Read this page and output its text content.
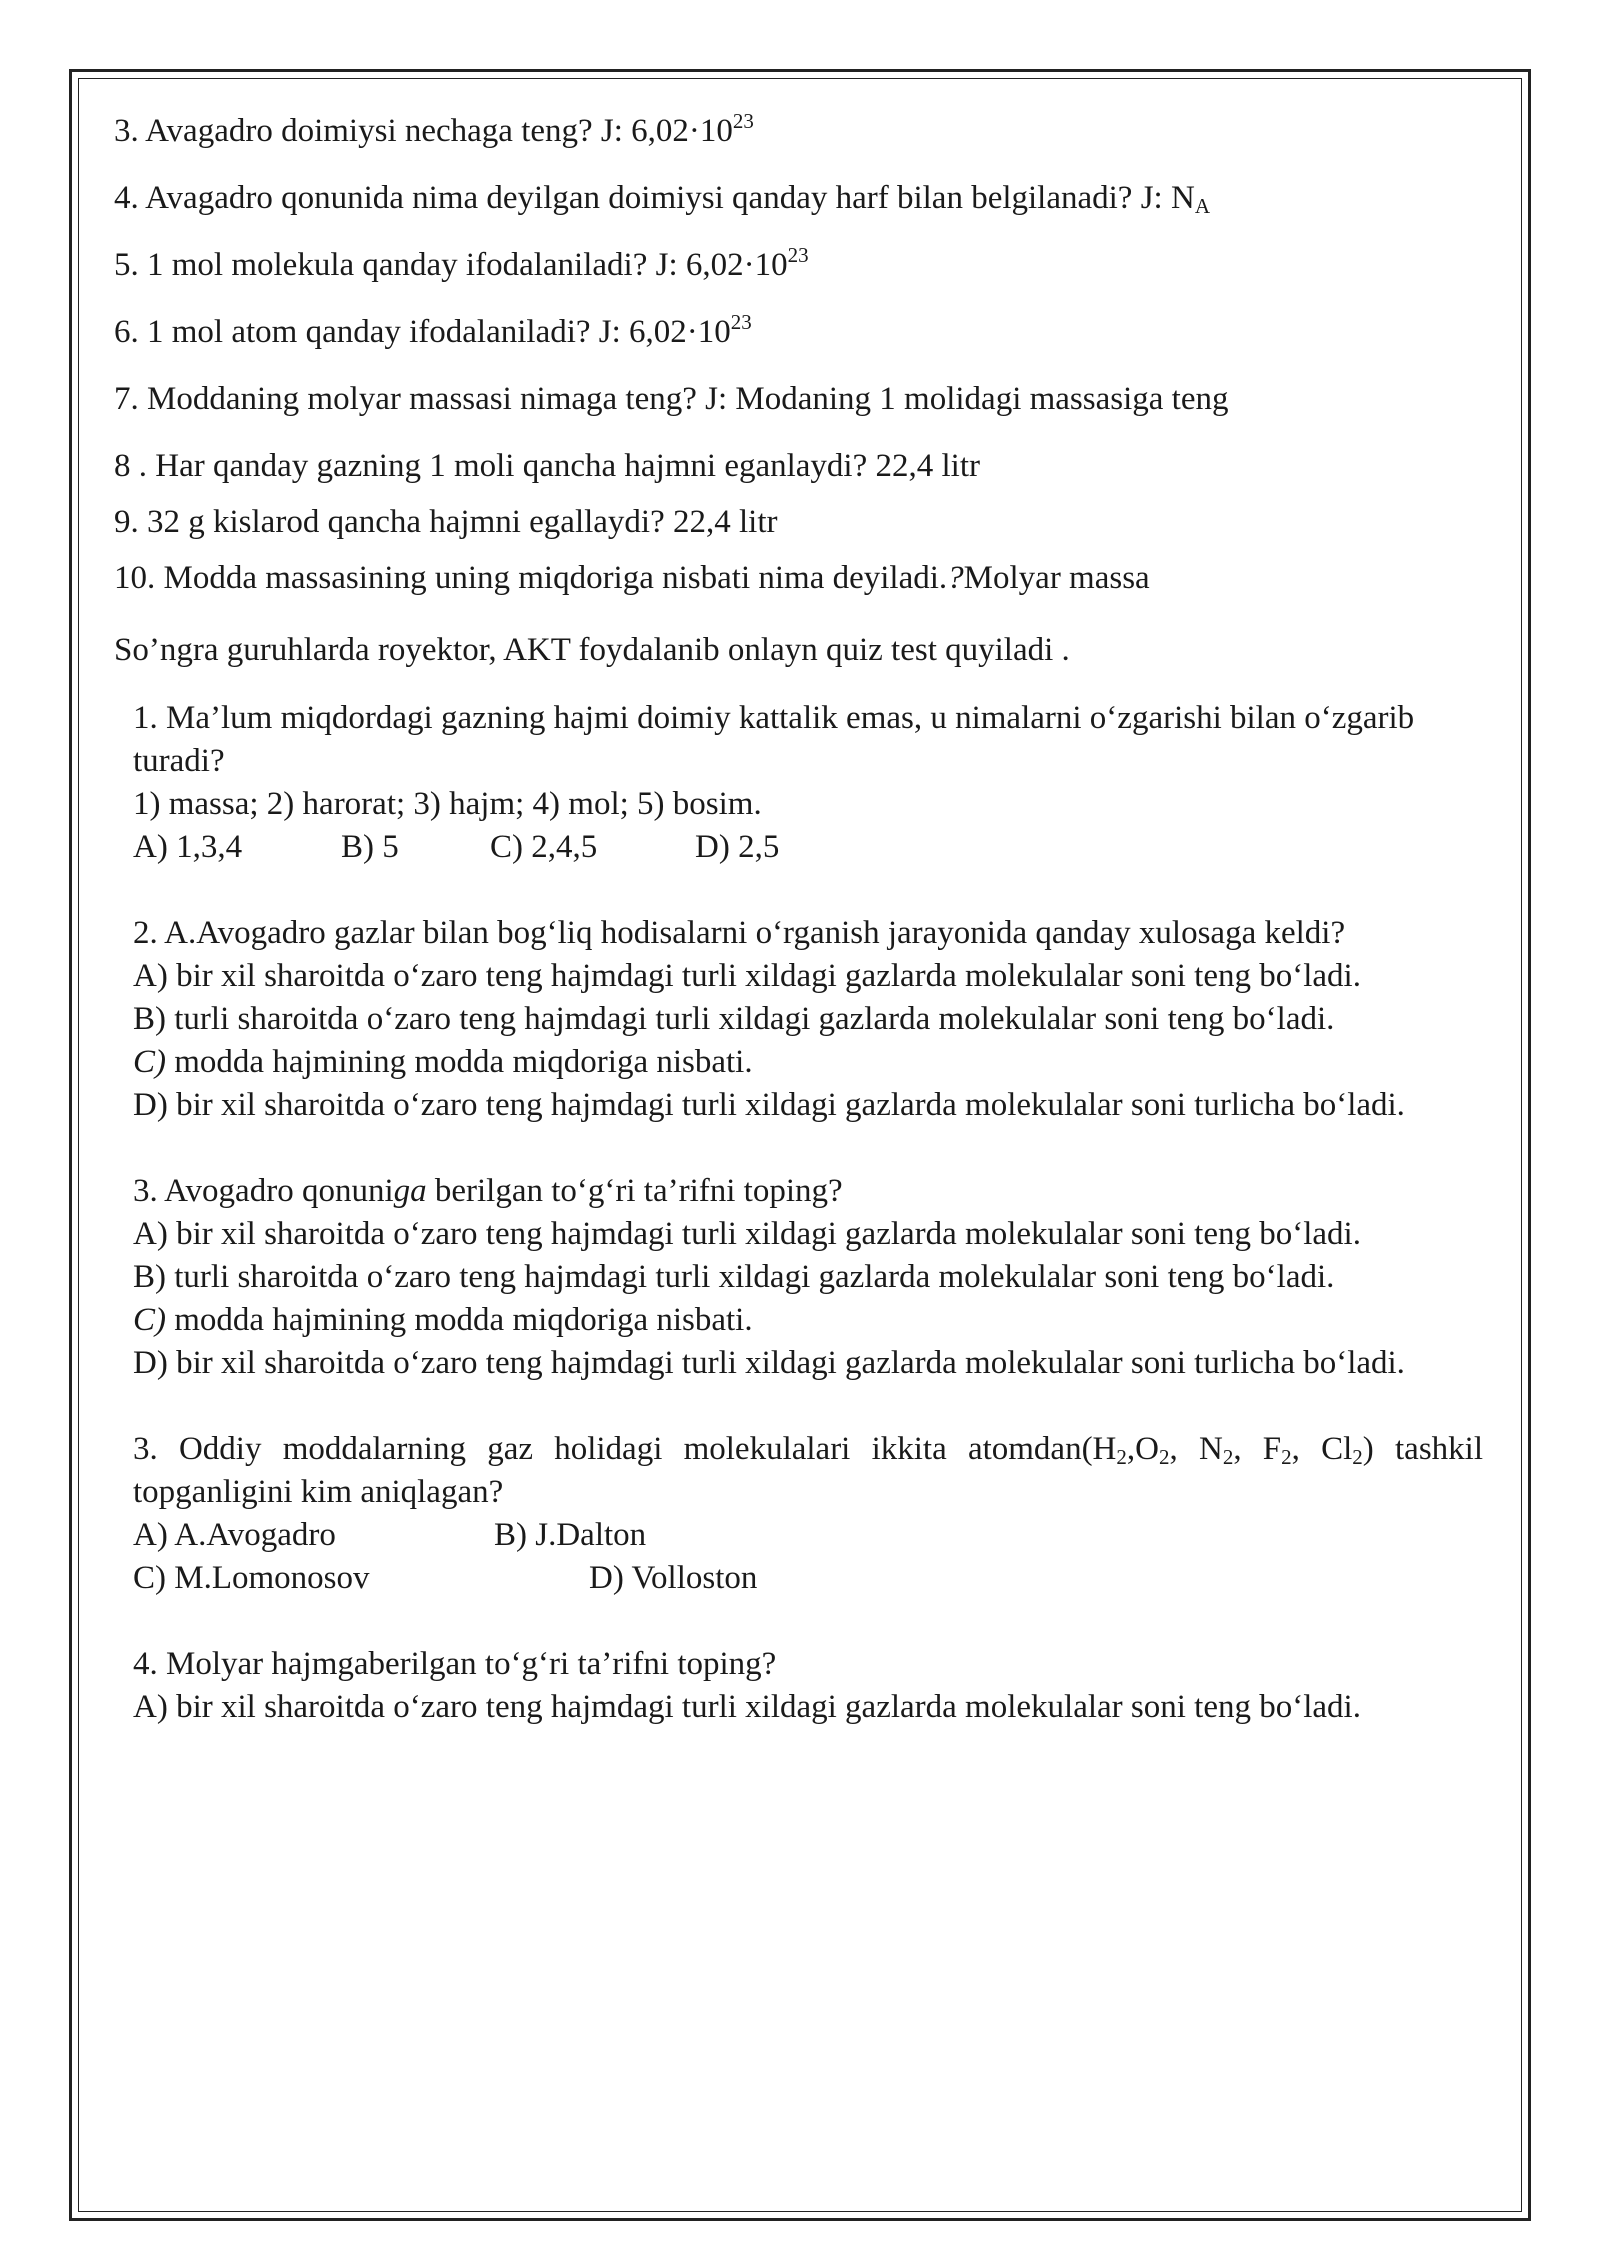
3. Avagadro doimiysi nechaga teng? J: $6,02\cdot 10^{23}$

4. Avagadro qonunida nima deyilgan doimiysi qanday harf bilan belgilanadi? J: $N_A$

5. 1 mol molekula qanday ifodalaniladi? J: $6,02\cdot 10^{23}$

6. 1 mol atom qanday ifodalaniladi? J: $6,02\cdot 10^{23}$

7. Moddaning molyar massasi nimaga teng? J: Modaning 1 molidagi massasiga teng

8 . Har qanday gazning 1 moli qancha hajmni eganlaydi? 22,4 litr

9. 32 g kislarod qancha hajmni egallaydi? 22,4 litr

10. Modda massasining uning miqdoriga nisbati nima deyiladi.?Molyar massa

So’ngra guruhlarda royektor, AKT foydalanib onlayn quiz test quyiladi .

1. Ma’lum miqdordagi gazning hajmi doimiy kattalik emas, u nimalarni o‘zgarishi bilan o‘zgarib turadi?
1) massa; 2) harorat; 3) hajm; 4) mol; 5) bosim.
A) 1,3,4	B) 5	C) 2,4,5	D) 2,5
2. A.Avogadro gazlar bilan bog‘liq hodisalarni o‘rganish jarayonida qanday xulosaga keldi?
A) bir xil sharoitda o‘zaro teng hajmdagi turli xildagi gazlarda molekulalar soni teng bo‘ladi.
B) turli sharoitda o‘zaro teng hajmdagi turli xildagi gazlarda molekulalar soni teng bo‘ladi.
C) modda hajmining modda miqdoriga nisbati.
D) bir xil sharoitda o‘zaro teng hajmdagi turli xildagi gazlarda molekulalar soni turlicha bo‘ladi.
3. Avogadro qonuniga berilgan to‘g‘ri ta’rifni toping?
A) bir xil sharoitda o‘zaro teng hajmdagi turli xildagi gazlarda molekulalar soni teng bo‘ladi.
B) turli sharoitda o‘zaro teng hajmdagi turli xildagi gazlarda molekulalar soni teng bo‘ladi.
C) modda hajmining modda miqdoriga nisbati.
D) bir xil sharoitda o‘zaro teng hajmdagi turli xildagi gazlarda molekulalar soni turlicha bo‘ladi.
3. Oddiy moddalarning gaz holidagi molekulalari ikkita $atomdan(H_2,O_2$, $N_2$, $F_2$, $Cl_2$) tashkil topganligini kim aniqlagan?
A) A.Avogadro	B) J.Dalton
C) M.Lomonosov	D) Volloston
4. Molyar hajmgaberilgan to‘g‘ri ta’rifni toping?
A) bir xil sharoitda o‘zaro teng hajmdagi turli xildagi gazlarda molekulalar soni teng bo‘ladi.
